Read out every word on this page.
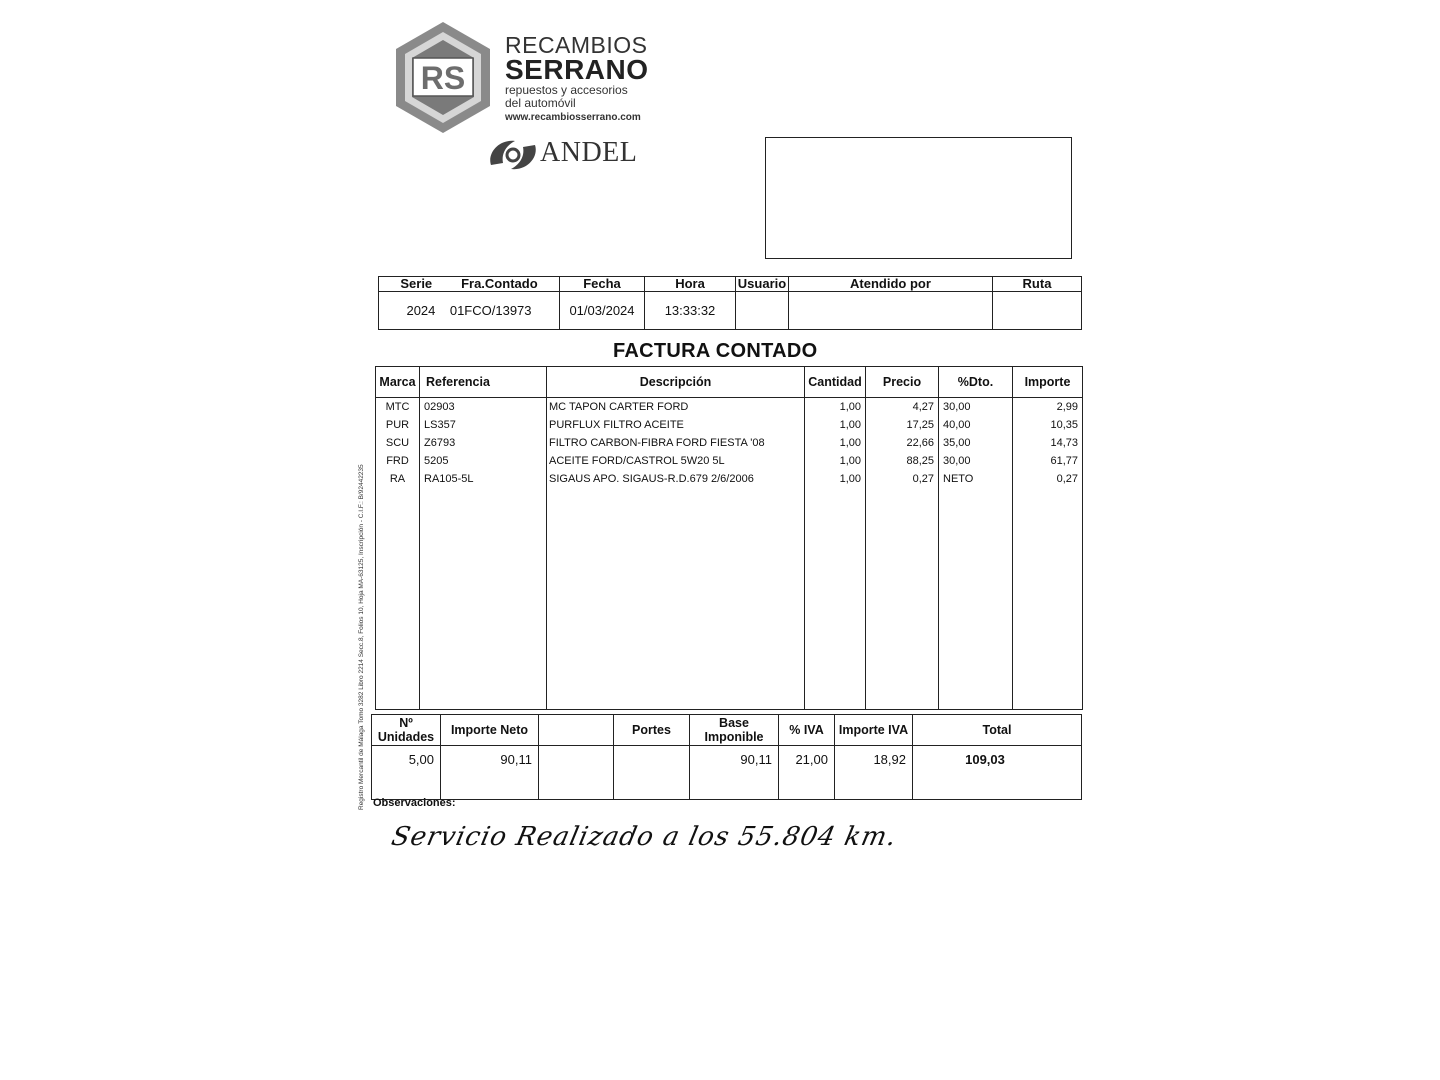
RS
RECAMBIOS
SERRANO
repuestos y accesorios
del automóvil
www.recambiosserrano.com
ANDEL
Serie Fra.Contado	Fecha	Hora	Usuario	Atendido por	Ruta
2024 01FCO/13973	01/03/2024	13:33:32			
FACTURA CONTADO
Marca	Referencia	Descripción	Cantidad	Precio	%Dto.	Importe
MTC	02903	MC TAPON CARTER FORD	1,00	4,27	30,00	2,99
PUR	LS357	PURFLUX FILTRO ACEITE	1,00	17,25	40,00	10,35
SCU	Z6793	FILTRO CARBON-FIBRA FORD FIESTA '08	1,00	22,66	35,00	14,73
FRD	5205	ACEITE FORD/CASTROL 5W20 5L	1,00	88,25	30,00	61,77
RA	RA105-5L	SIGAUS APO. SIGAUS-R.D.679 2/6/2006	1,00	0,27	NETO	0,27

Nº Unidades	Importe Neto		Portes	Base Imponible	% IVA	Importe IVA	Total
5,00	90,11			90,11	21,00	18,92	109,03
Observaciones:
Servicio Realizado a los 55.804 km.
Registro Mercantil de Málaga Tomo 3282 Libro 2214 Secc.8, Folios 10, Hoja MA-63125, Inscripción - C.I.F.: B/92442235
